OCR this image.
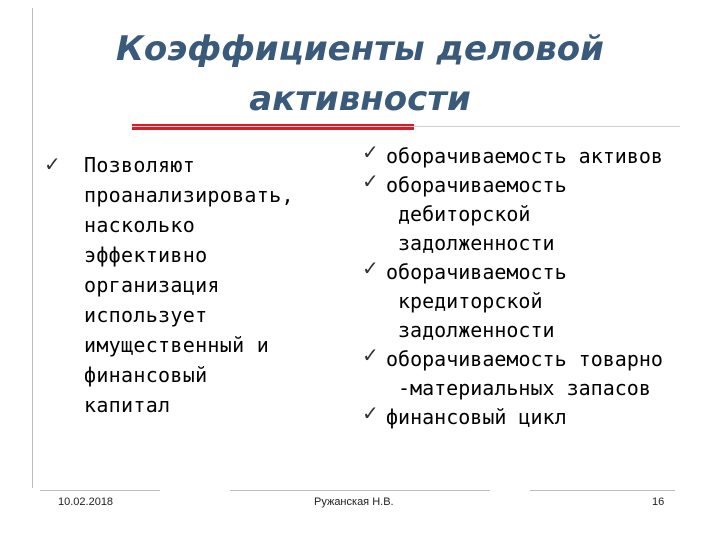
Коэффициенты деловой
активности
✓ Позволяют
проанализировать,
насколько
эффективно
организация
использует
имущественный и
финансовый
капитал
✓ оборачиваемость активов
✓ оборачиваемость
дебиторской
задолженности
✓ оборачиваемость
кредиторской
задолженности
✓ оборачиваемость товарно
-материальных запасов
✓ финансовый цикл
10.02.2018	Ружанская Н.В.	16
